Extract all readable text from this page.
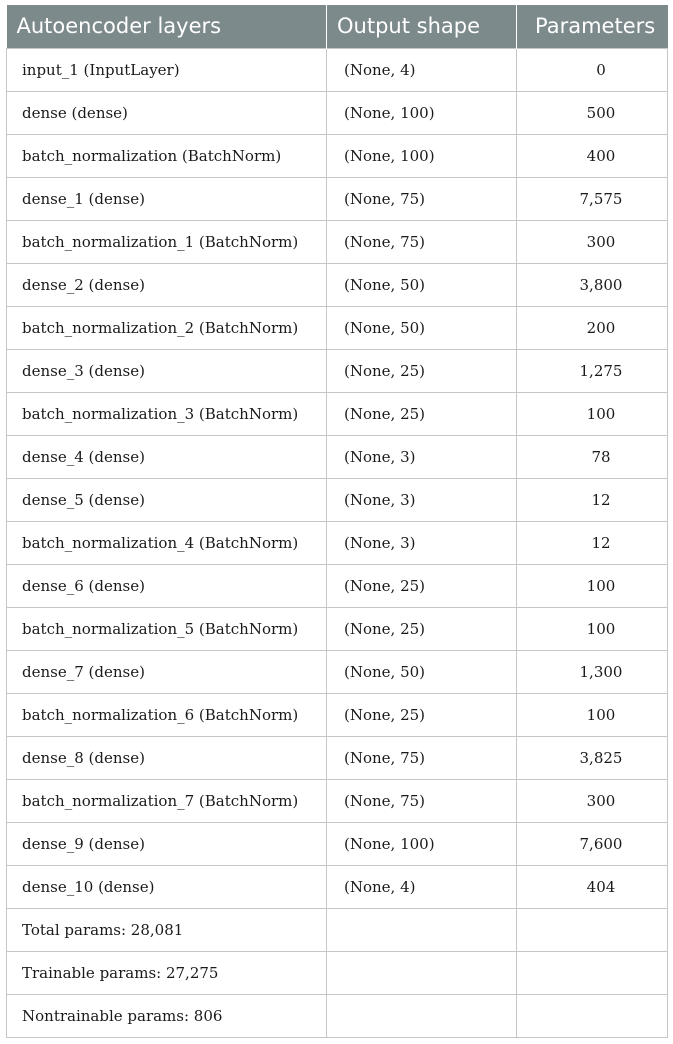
Autoencoder layers	Output shape	Parameters
input_1 (InputLayer)	(None, 4)	0
dense (dense)	(None, 100)	500
batch_normalization (BatchNorm)	(None, 100)	400
dense_1 (dense)	(None, 75)	7,575
batch_normalization_1 (BatchNorm)	(None, 75)	300
dense_2 (dense)	(None, 50)	3,800
batch_normalization_2 (BatchNorm)	(None, 50)	200
dense_3 (dense)	(None, 25)	1,275
batch_normalization_3 (BatchNorm)	(None, 25)	100
dense_4 (dense)	(None, 3)	78
dense_5 (dense)	(None, 3)	12
batch_normalization_4 (BatchNorm)	(None, 3)	12
dense_6 (dense)	(None, 25)	100
batch_normalization_5 (BatchNorm)	(None, 25)	100
dense_7 (dense)	(None, 50)	1,300
batch_normalization_6 (BatchNorm)	(None, 25)	100
dense_8 (dense)	(None, 75)	3,825
batch_normalization_7 (BatchNorm)	(None, 75)	300
dense_9 (dense)	(None, 100)	7,600
dense_10 (dense)	(None, 4)	404
Total params: 28,081		
Trainable params: 27,275		
Nontrainable params: 806		
